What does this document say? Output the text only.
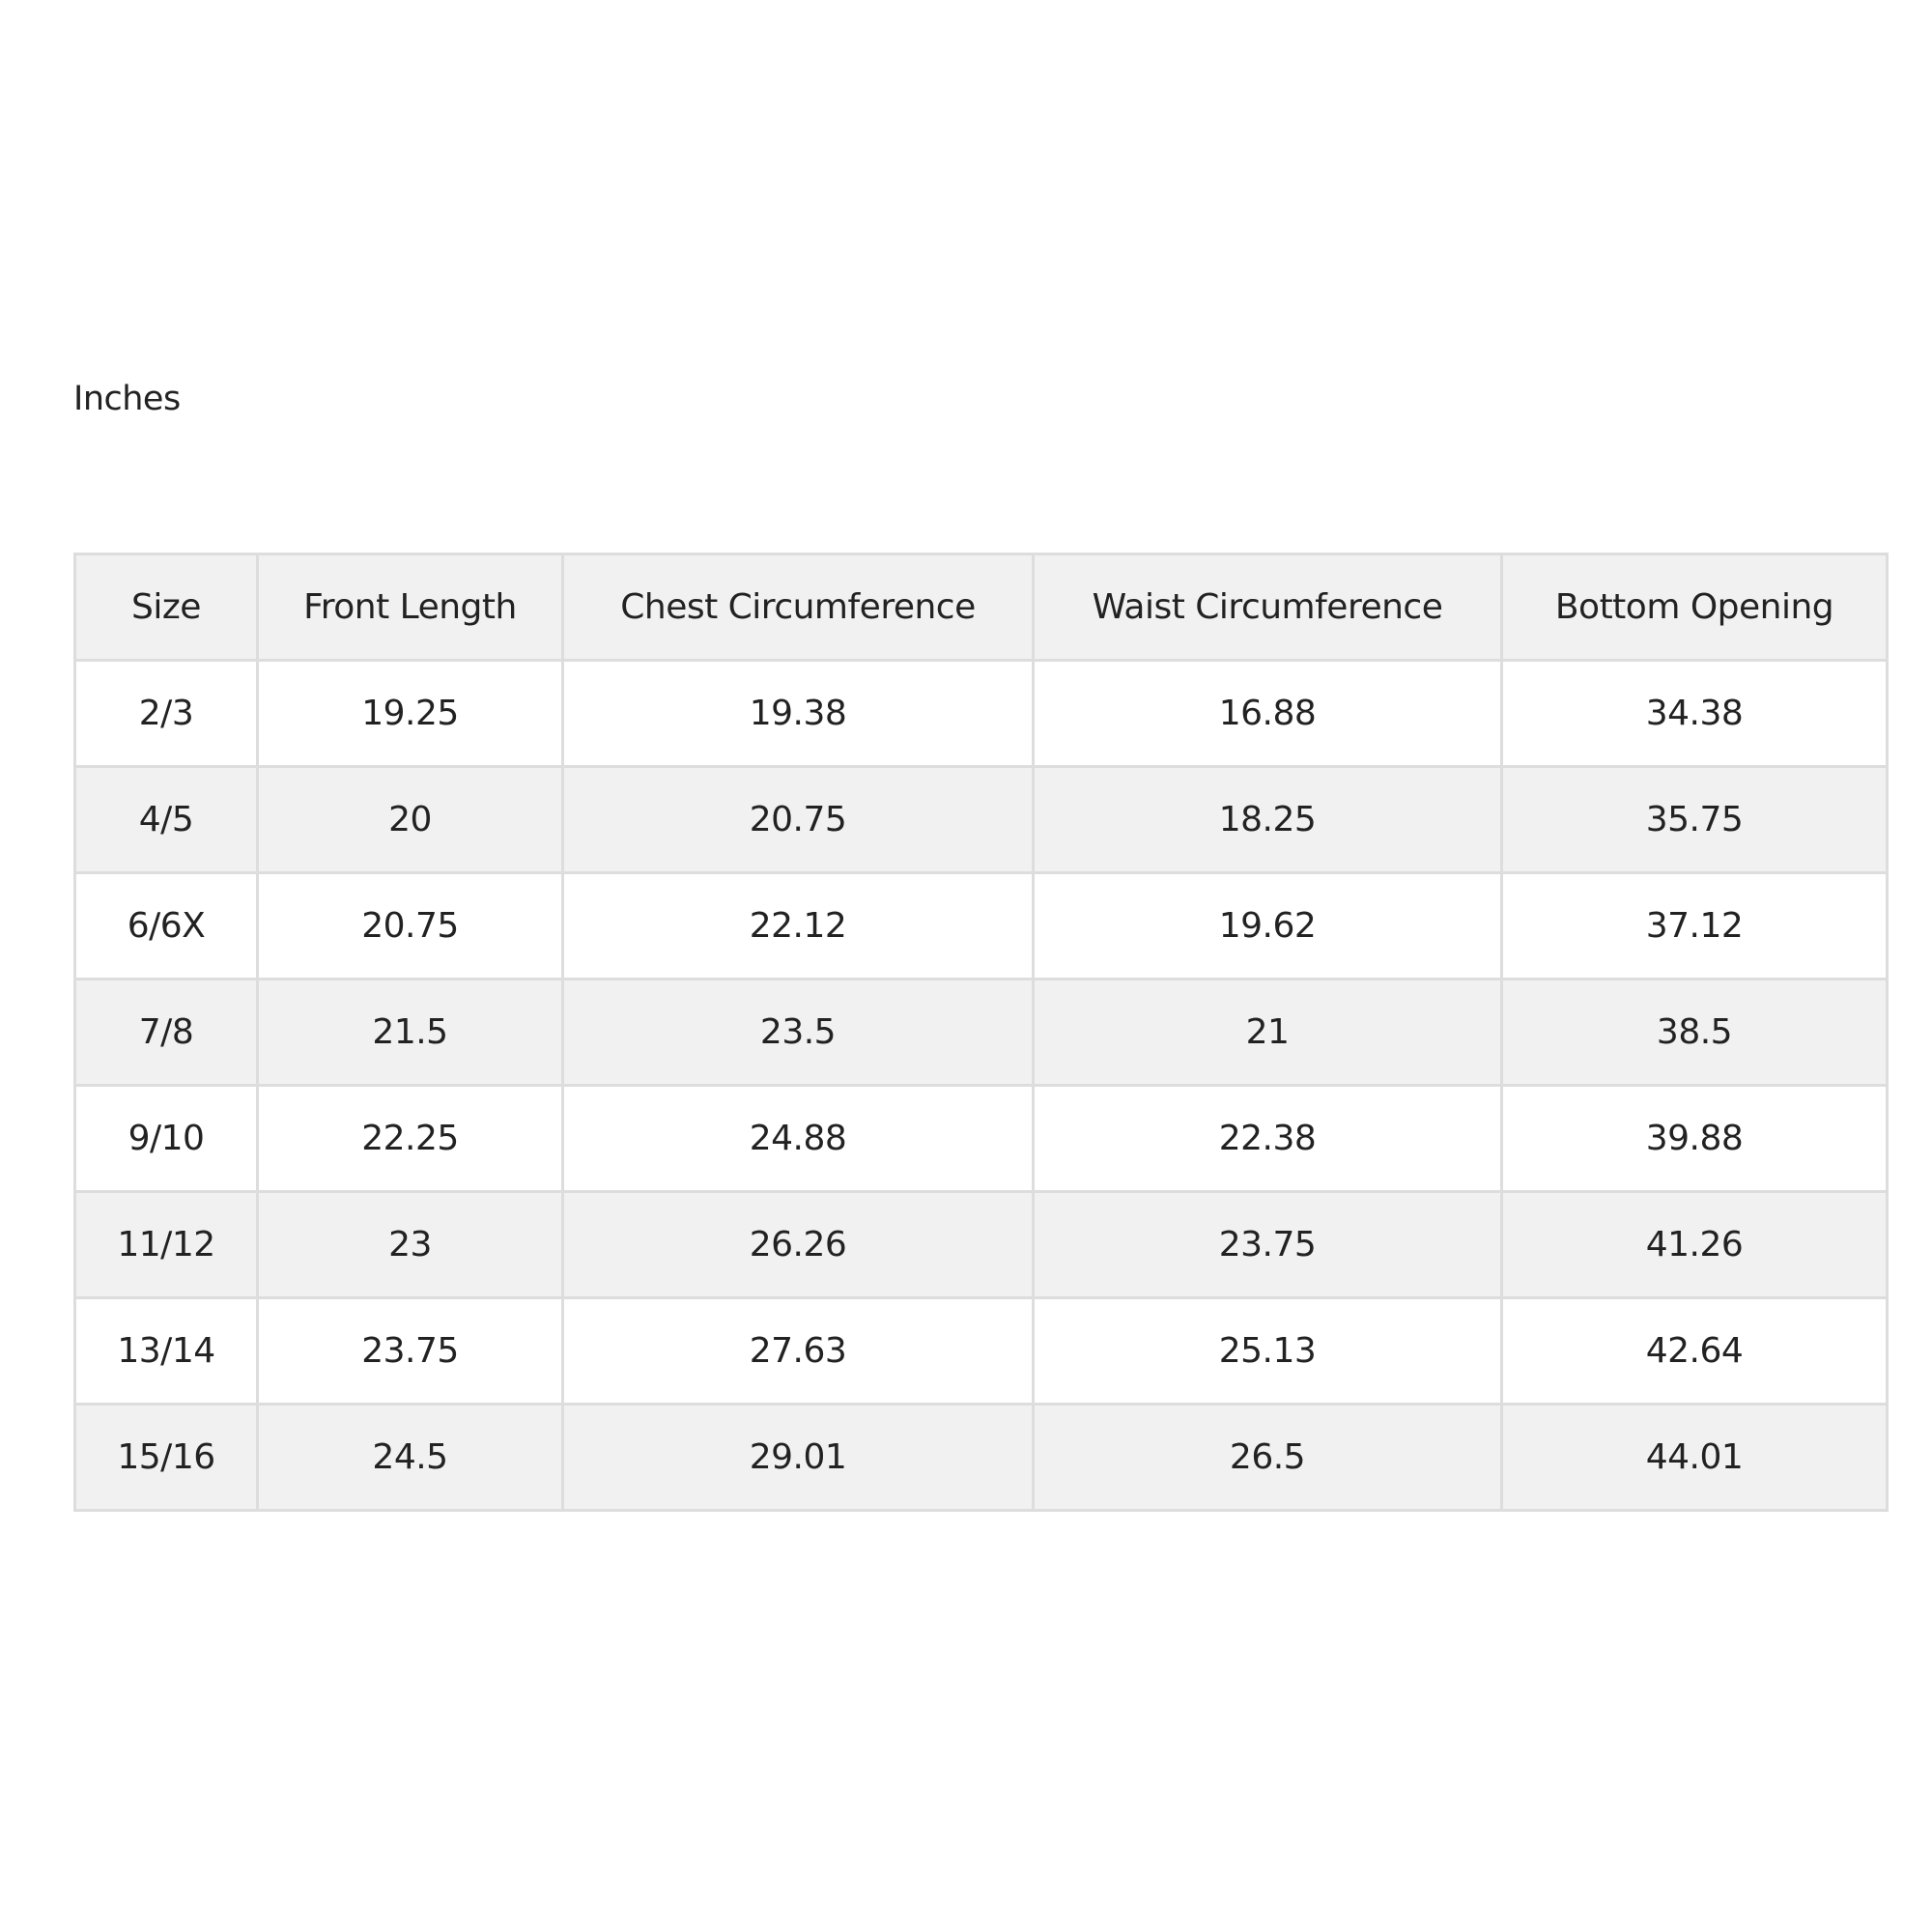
Inches
Size	Front Length	Chest Circumference	Waist Circumference	Bottom Opening
2/3	19.25	19.38	16.88	34.38
4/5	20	20.75	18.25	35.75
6/6X	20.75	22.12	19.62	37.12
7/8	21.5	23.5	21	38.5
9/10	22.25	24.88	22.38	39.88
11/12	23	26.26	23.75	41.26
13/14	23.75	27.63	25.13	42.64
15/16	24.5	29.01	26.5	44.01
